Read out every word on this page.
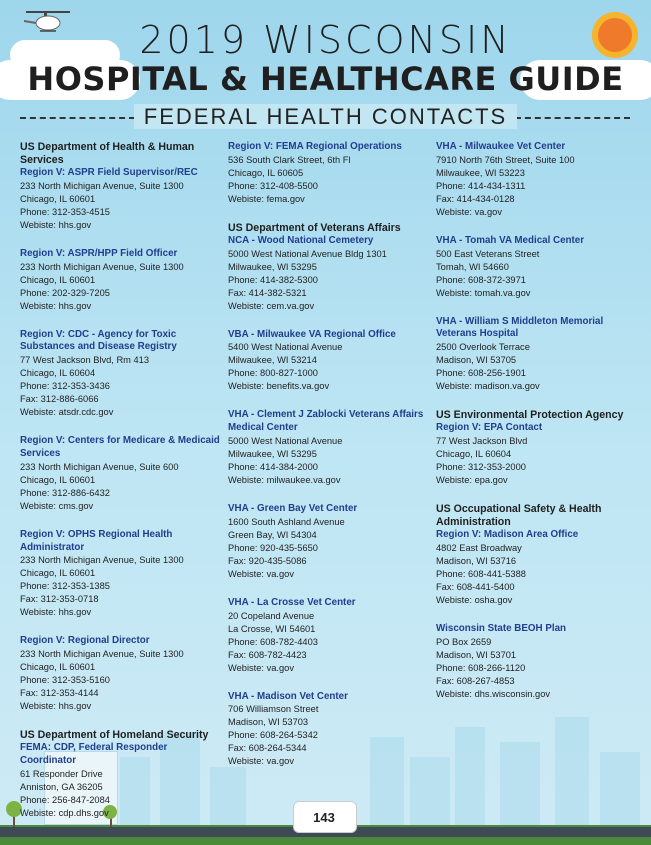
2019 WISCONSIN
HOSPITAL & HEALTHCARE GUIDE
FEDERAL HEALTH CONTACTS
143
US Department of Health & Human Services
Region V: ASPR Field Supervisor/REC
233 North Michigan Avenue, Suite 1300
Chicago, IL 60601
Phone: 312-353-4515
Webiste: hhs.gov
Region V: ASPR/HPP Field Officer
233 North Michigan Avenue, Suite 1300
Chicago, IL 60601
Phone: 202-329-7205
Webiste: hhs.gov
Region V: CDC - Agency for Toxic Substances and Disease Registry
77 West Jackson Blvd, Rm 413
Chicago, IL 60604
Phone: 312-353-3436
Fax: 312-886-6066
Webiste: atsdr.cdc.gov
Region V: Centers for Medicare & Medicaid Services
233 North Michigan Avenue, Suite 600
Chicago, IL 60601
Phone: 312-886-6432
Webiste: cms.gov
Region V: OPHS Regional Health Administrator
233 North Michigan Avenue, Suite 1300
Chicago, IL 60601
Phone: 312-353-1385
Fax: 312-353-0718
Webiste: hhs.gov
Region V: Regional Director
233 North Michigan Avenue, Suite 1300
Chicago, IL 60601
Phone: 312-353-5160
Fax: 312-353-4144
Webiste: hhs.gov
US Department of Homeland Security
FEMA: CDP, Federal Responder Coordinator
61 Responder Drive
Anniston, GA 36205
Phone: 256-847-2084
Webiste: cdp.dhs.gov
Region V: FEMA Regional Operations
536 South Clark Street, 6th Fl
Chicago, IL 60605
Phone: 312-408-5500
Webiste: fema.gov
US Department of Veterans Affairs
NCA - Wood National Cemetery
5000 West National Avenue Bldg 1301
Milwaukee, WI 53295
Phone: 414-382-5300
Fax: 414-382-5321
Webiste: cem.va.gov
VBA - Milwaukee VA Regional Office
5400 West National Avenue
Milwaukee, WI 53214
Phone: 800-827-1000
Webiste: benefits.va.gov
VHA - Clement J Zablocki Veterans Affairs Medical Center
5000 West National Avenue
Milwaukee, WI 53295
Phone: 414-384-2000
Webiste: milwaukee.va.gov
VHA - Green Bay Vet Center
1600 South Ashland Avenue
Green Bay, WI 54304
Phone: 920-435-5650
Fax: 920-435-5086
Webiste: va.gov
VHA - La Crosse Vet Center
20 Copeland Avenue
La Crosse, WI 54601
Phone: 608-782-4403
Fax: 608-782-4423
Webiste: va.gov
VHA - Madison Vet Center
706 Williamson Street
Madison, WI 53703
Phone: 608-264-5342
Fax: 608-264-5344
Webiste: va.gov
VHA - Milwaukee Vet Center
7910 North 76th Street, Suite 100
Milwaukee, WI 53223
Phone: 414-434-1311
Fax: 414-434-0128
Webiste: va.gov
VHA - Tomah VA Medical Center
500 East Veterans Street
Tomah, WI 54660
Phone: 608-372-3971
Webiste: tomah.va.gov
VHA - William S Middleton Memorial Veterans Hospital
2500 Overlook Terrace
Madison, WI 53705
Phone: 608-256-1901
Webiste: madison.va.gov
US Environmental Protection Agency
Region V: EPA Contact
77 West Jackson Blvd
Chicago, IL 60604
Phone: 312-353-2000
Webiste: epa.gov
US Occupational Safety & Health Administration
Region V: Madison Area Office
4802 East Broadway
Madison, WI 53716
Phone: 608-441-5388
Fax: 608-441-5400
Webiste: osha.gov
Wisconsin State BEOH Plan
PO Box 2659
Madison, WI 53701
Phone: 608-266-1120
Fax: 608-267-4853
Webiste: dhs.wisconsin.gov
